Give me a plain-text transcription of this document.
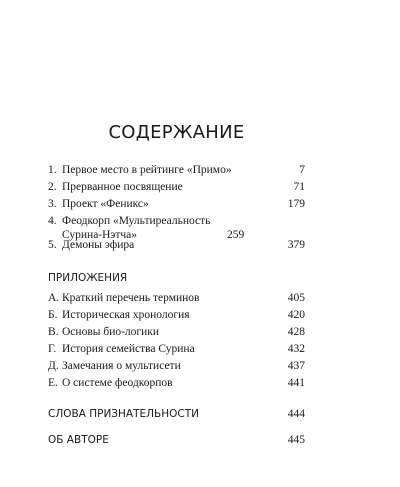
СОДЕРЖАНИЕ
1. Первое место в рейтинге «Примо»	7
2. Прерванное посвящение	71
3. Проект «Феникс»	179
4. Феодкорп «Мультиреальность Сурина-Нэтча»	259
5. Демоны эфира	379
ПРИЛОЖЕНИЯ
А. Краткий перечень терминов	405
Б. Историческая хронология	420
В. Основы био-логики	428
Г. История семейства Сурина	432
Д. Замечания о мультисети	437
Е. О системе феодкорпов	441
СЛОВА ПРИЗНАТЕЛЬНОСТИ	444
ОБ АВТОРЕ	445
